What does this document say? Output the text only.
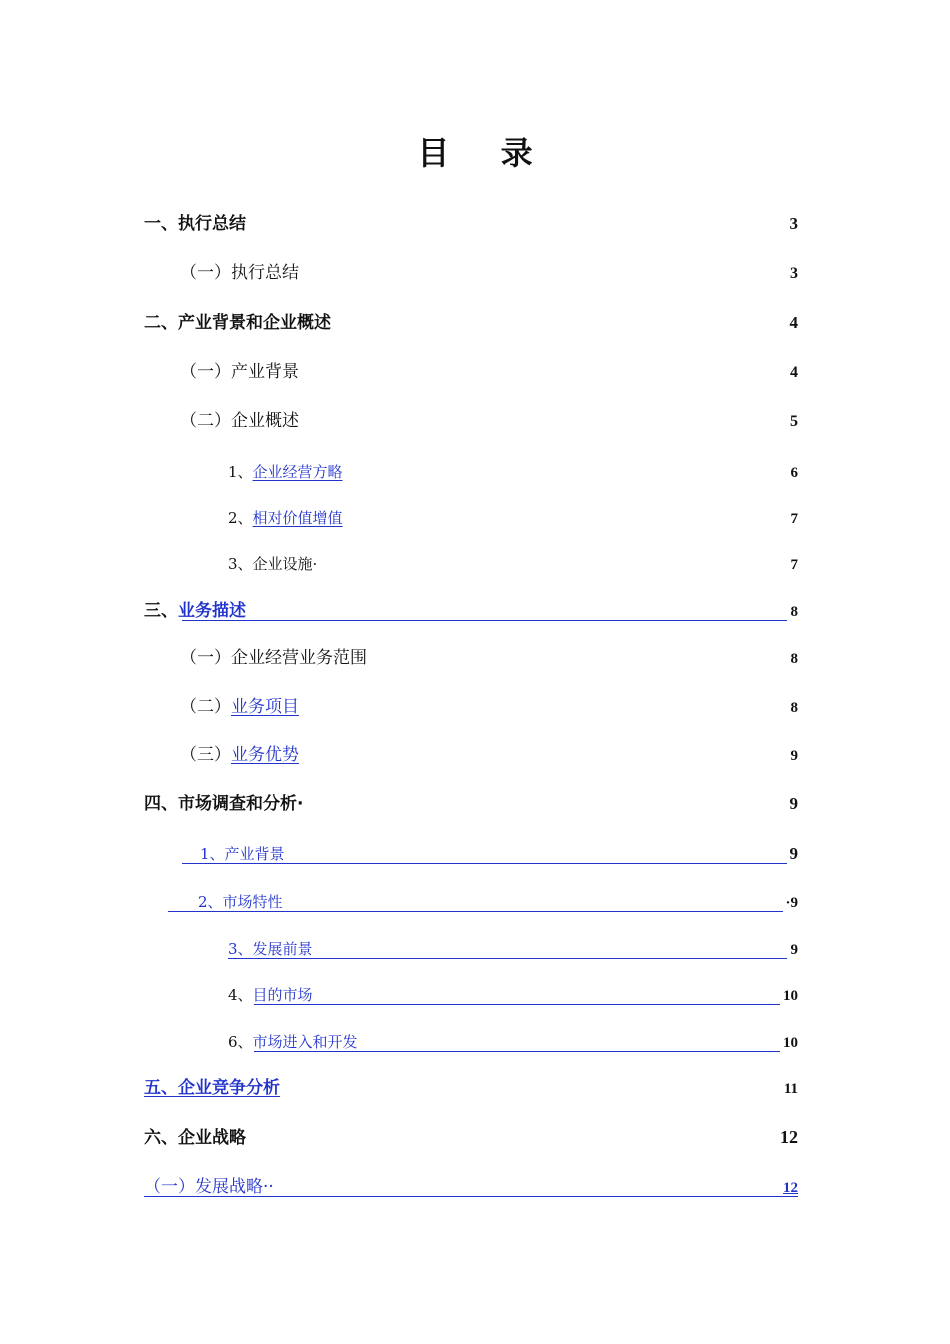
目 录
一、执行总结	3
（一）执行总结	3
二、产业背景和企业概述	4
（一）产业背景	4
（二）企业概述	5
1、企业经营方略	6
2、相对价值增值	7
3、企业设施·	7
三、业务描述	8
（一）企业经营业务范围	8
（二）业务项目	8
（三）业务优势	9
四、市场调查和分析·	9
1、产业背景	9
2、市场特性	·9
3、发展前景	9
4、目的市场	10
6、市场进入和开发	10
五、企业竞争分析	11
六、企业战略	12
（一）发展战略··	12
